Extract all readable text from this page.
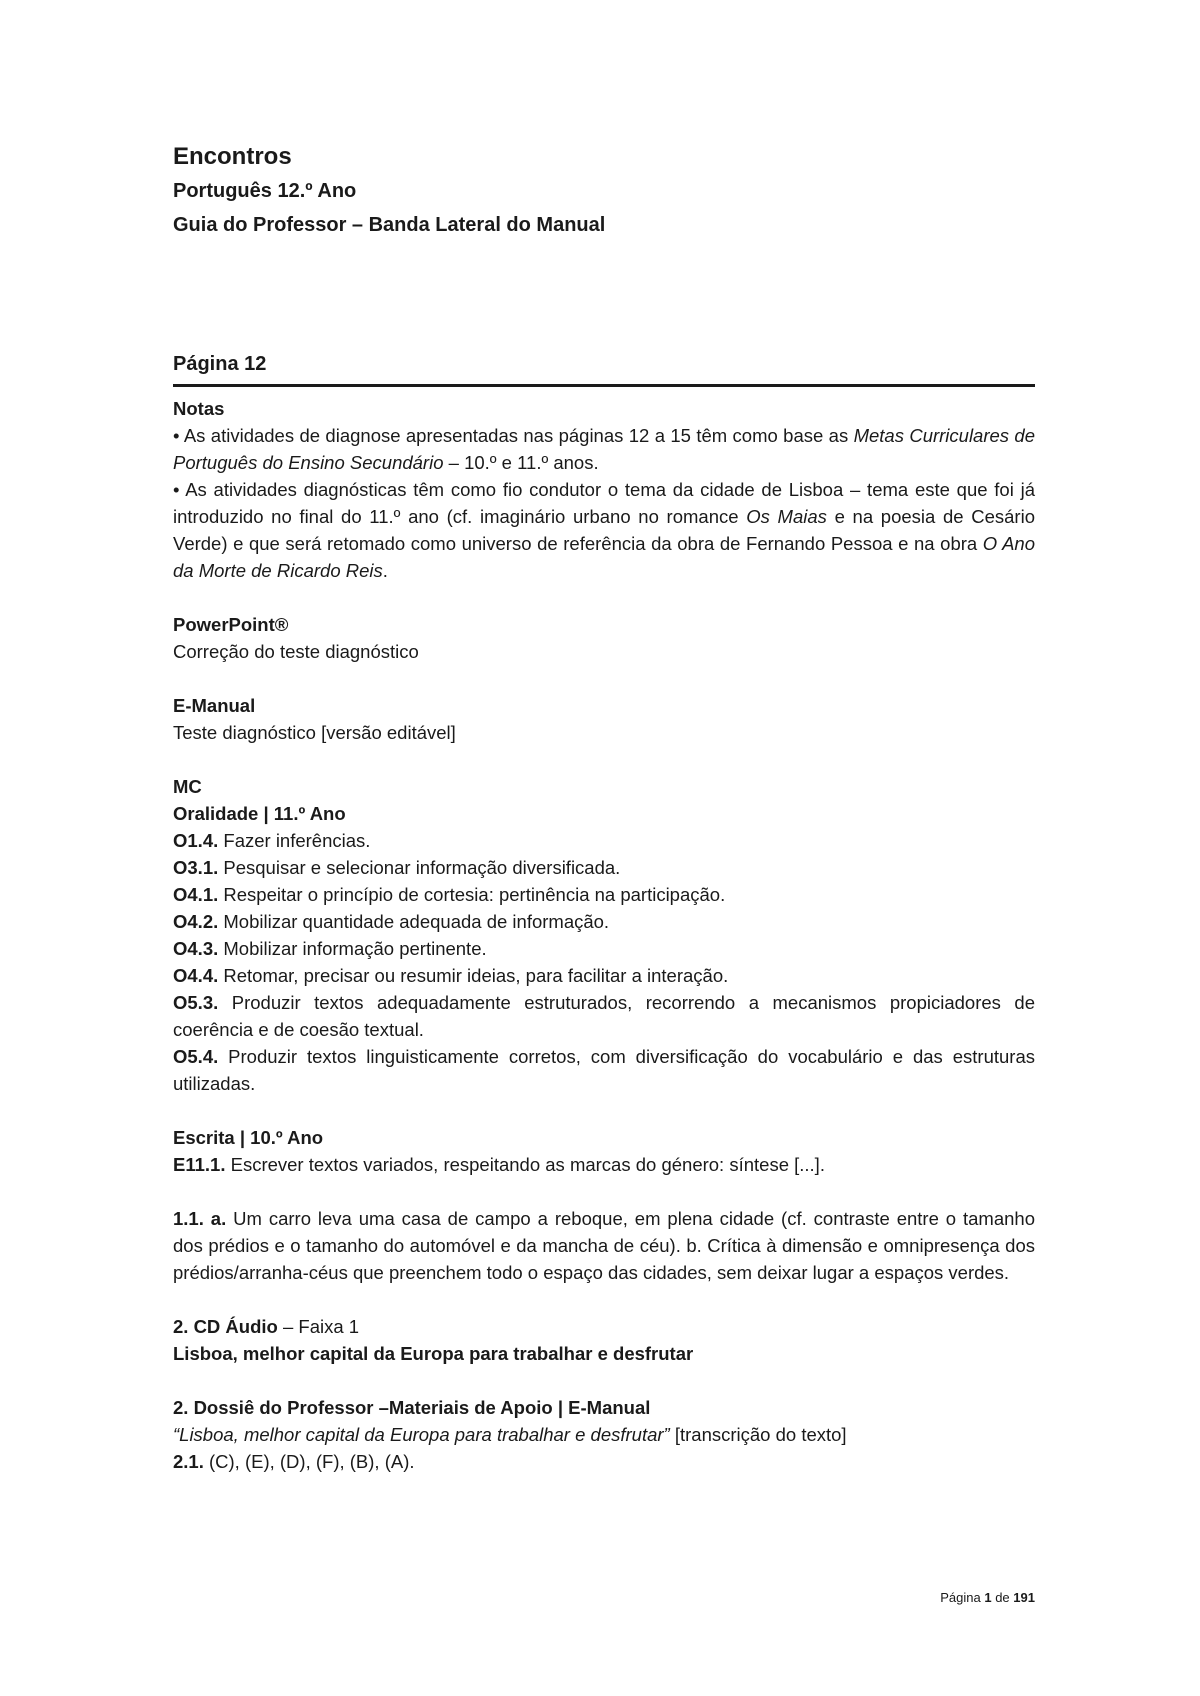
Encontros

Português 12.º Ano

Guia do Professor – Banda Lateral do Manual

Página 12

Notas

• As atividades de diagnose apresentadas nas páginas 12 a 15 têm como base as Metas Curriculares de Português do Ensino Secundário – 10.º e 11.º anos.

• As atividades diagnósticas têm como fio condutor o tema da cidade de Lisboa – tema este que foi já introduzido no final do 11.º ano (cf. imaginário urbano no romance Os Maias e na poesia de Cesário Verde) e que será retomado como universo de referência da obra de Fernando Pessoa e na obra O Ano da Morte de Ricardo Reis.

PowerPoint®

Correção do teste diagnóstico

E-Manual

Teste diagnóstico [versão editável]

MC

Oralidade | 11.º Ano

O1.4. Fazer inferências.

O3.1. Pesquisar e selecionar informação diversificada.

O4.1. Respeitar o princípio de cortesia: pertinência na participação.

O4.2. Mobilizar quantidade adequada de informação.

O4.3. Mobilizar informação pertinente.

O4.4. Retomar, precisar ou resumir ideias, para facilitar a interação.

O5.3. Produzir textos adequadamente estruturados, recorrendo a mecanismos propiciadores de coerência e de coesão textual.

O5.4. Produzir textos linguisticamente corretos, com diversificação do vocabulário e das estruturas utilizadas.

Escrita | 10.º Ano

E11.1. Escrever textos variados, respeitando as marcas do género: síntese [...].

1.1. a. Um carro leva uma casa de campo a reboque, em plena cidade (cf. contraste entre o tamanho dos prédios e o tamanho do automóvel e da mancha de céu). b. Crítica à dimensão e omnipresença dos prédios/arranha-céus que preenchem todo o espaço das cidades, sem deixar lugar a espaços verdes.

2. CD Áudio – Faixa 1

Lisboa, melhor capital da Europa para trabalhar e desfrutar

2. Dossiê do Professor –Materiais de Apoio | E-Manual

“Lisboa, melhor capital da Europa para trabalhar e desfrutar” [transcrição do texto]

2.1. (C), (E), (D), (F), (B), (A).

Página 1 de 191
